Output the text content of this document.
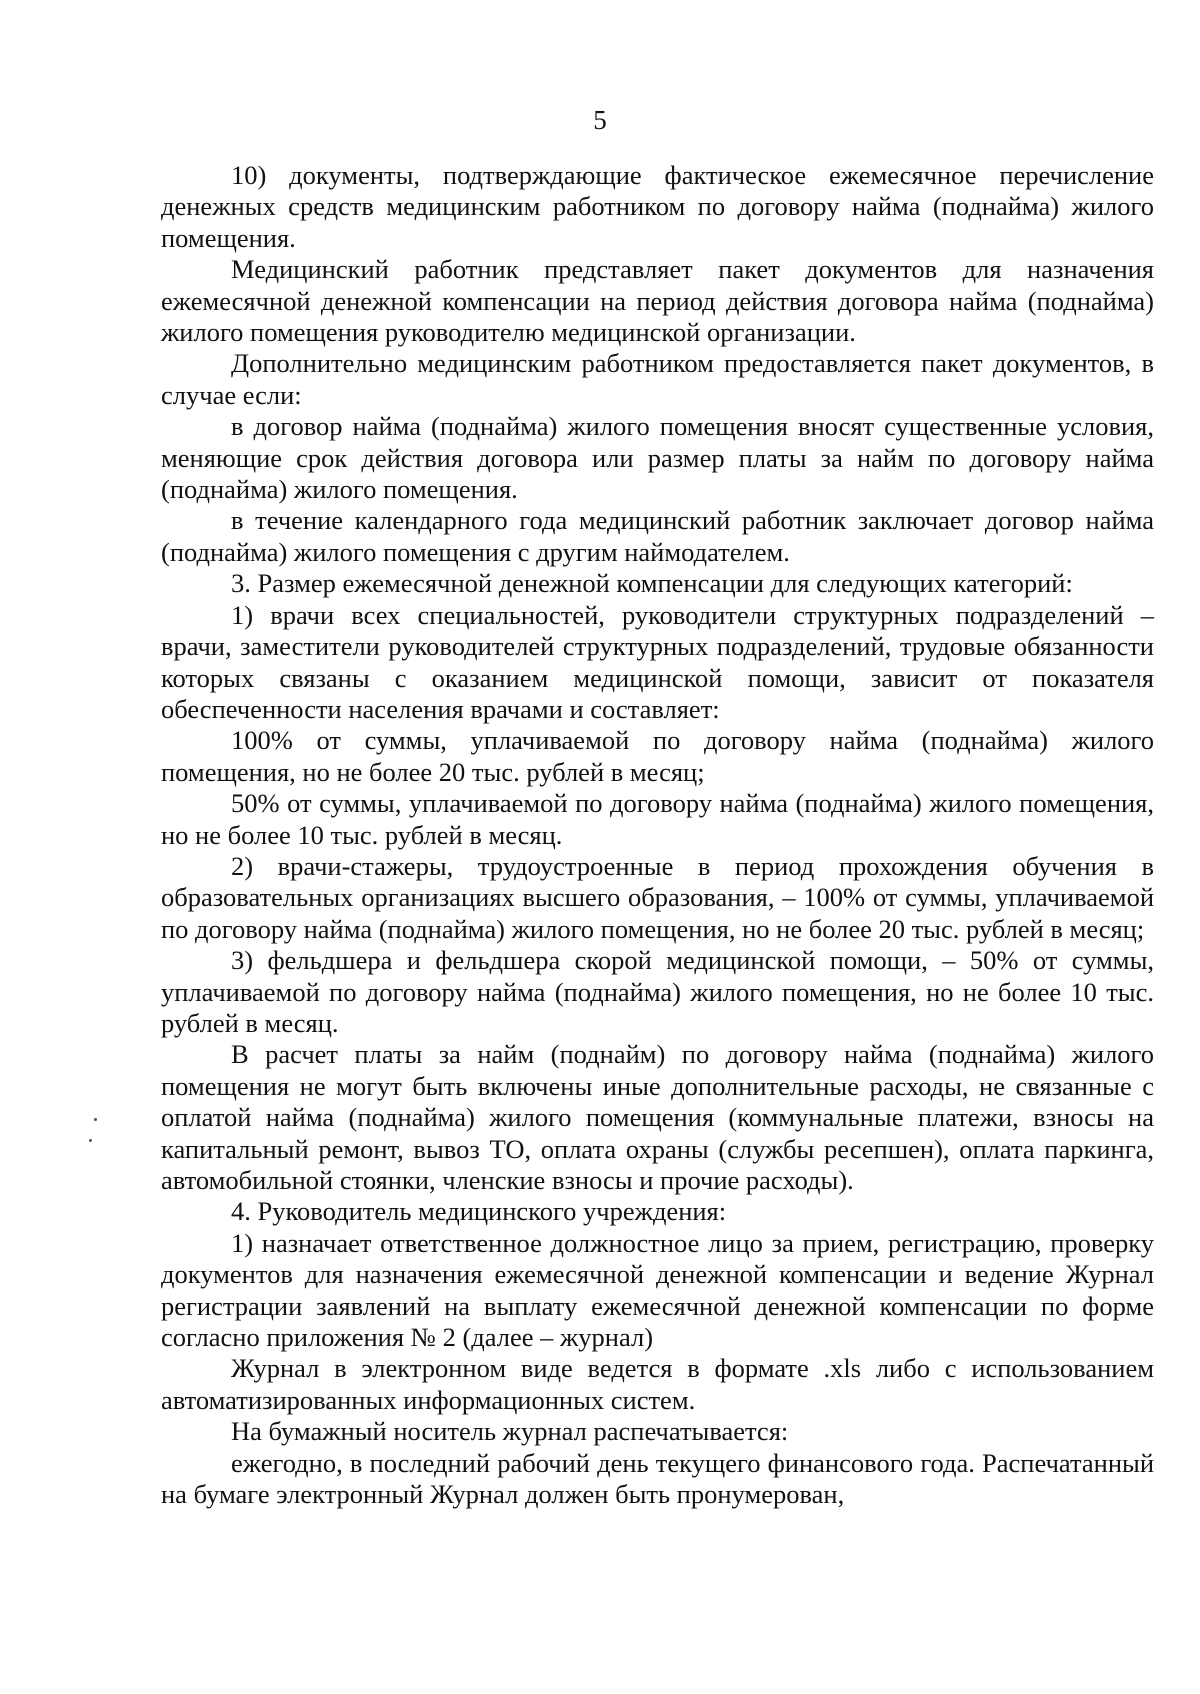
5

10) документы, подтверждающие фактическое ежемесячное перечисление денежных средств медицинским работником по договору найма (поднайма) жилого помещения.

Медицинский работник представляет пакет документов для назначения ежемесячной денежной компенсации на период действия договора найма (поднайма) жилого помещения руководителю медицинской организации.

Дополнительно медицинским работником предоставляется пакет документов, в случае если:

в договор найма (поднайма) жилого помещения вносят существенные условия, меняющие срок действия договора или размер платы за найм по договору найма (поднайма) жилого помещения.

в течение календарного года медицинский работник заключает договор найма (поднайма) жилого помещения с другим наймодателем.

3. Размер ежемесячной денежной компенсации для следующих категорий:

1) врачи всех специальностей, руководители структурных подразделений – врачи, заместители руководителей структурных подразделений, трудовые обязанности которых связаны с оказанием медицинской помощи, зависит от показателя обеспеченности населения врачами и составляет:

100% от суммы, уплачиваемой по договору найма (поднайма) жилого помещения, но не более 20 тыс. рублей в месяц;

50% от суммы, уплачиваемой по договору найма (поднайма) жилого помещения, но не более 10 тыс. рублей в месяц.

2) врачи-стажеры, трудоустроенные в период прохождения обучения в образовательных организациях высшего образования, – 100% от суммы, уплачиваемой по договору найма (поднайма) жилого помещения, но не более 20 тыс. рублей в месяц;

3) фельдшера и фельдшера скорой медицинской помощи, – 50% от суммы, уплачиваемой по договору найма (поднайма) жилого помещения, но не более 10 тыс. рублей в месяц.

В расчет платы за найм (поднайм) по договору найма (поднайма) жилого помещения не могут быть включены иные дополнительные расходы, не связанные с оплатой найма (поднайма) жилого помещения (коммунальные платежи, взносы на капитальный ремонт, вывоз ТО, оплата охраны (службы ресепшен), оплата паркинга, автомобильной стоянки, членские взносы и прочие расходы).

4. Руководитель медицинского учреждения:

1) назначает ответственное должностное лицо за прием, регистрацию, проверку документов для назначения ежемесячной денежной компенсации и ведение Журнал регистрации заявлений на выплату ежемесячной денежной компенсации по форме согласно приложения № 2 (далее – журнал)

Журнал в электронном виде ведется в формате .xls либо с использованием автоматизированных информационных систем.

На бумажный носитель журнал распечатывается:

ежегодно, в последний рабочий день текущего финансового года. Распечатанный на бумаге электронный Журнал должен быть пронумерован,
